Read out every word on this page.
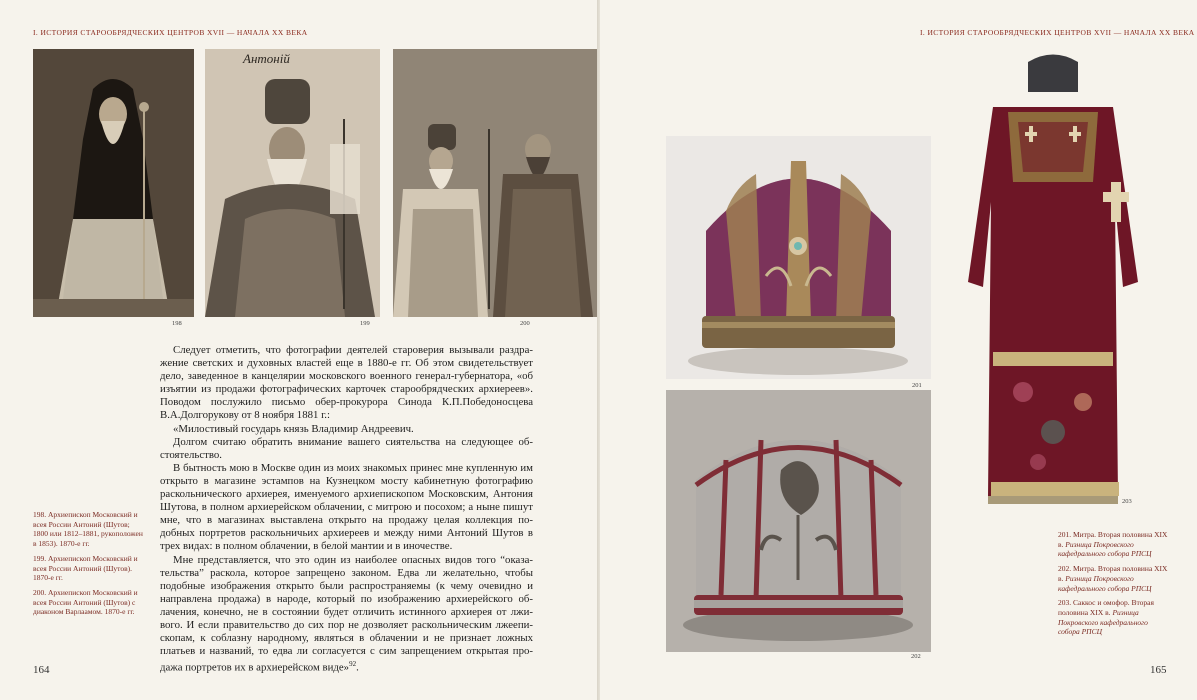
I. ИСТОРИЯ СТАРООБРЯДЧЕСКИХ ЦЕНТРОВ XVII — НАЧАЛА XX ВЕКА
Антоній
198	199	200

Следует отметить, что фотографии деятелей староверия вызывали раздражение светских и духовных властей еще в 1880-е гг. Об этом свидетельствует дело, заведенное в канцелярии московского военного генерал-губернатора, «об изъятии из продажи фотографических карточек старообрядческих архиереев». Поводом послужило письмо обер-прокурора Синода К.П.Победоносцева В.А.Долгорукову от 8 ноября 1881 г.:

«Милостивый государь князь Владимир Андреевич.

Долгом считаю обратить внимание вашего сиятельства на следующее обстоятельство.

В бытность мою в Москве один из моих знакомых принес мне купленную им открыто в магазине эстампов на Кузнецком мосту кабинетную фотографию раскольнического архиерея, именуемого архиепископом Московским, Антония Шутова, в полном архиерейском облачении, с митрою и посохом; а ныне пишут мне, что в магазинах выставлена открыто на продажу целая коллекция подобных портретов раскольничьих архиереев и между ними Антоний Шутов в трех видах: в полном облачении, в белой мантии и в иночестве.

Мне представляется, что это один из наиболее опасных видов того “оказательства” раскола, которое запрещено законом. Едва ли желательно, чтобы подобные изображения открыто были распространяемы (к чему очевидно и направлена продажа) в народе, который по изображению архиерейского облачения, конечно, не в состоянии будет отличить истинного архиерея от лживого. И если правительство до сих пор не дозволяет раскольническим лжеепископам, к соблазну народному, являться в облачении и не признает ложных платьев и названий, то едва ли согласуется с сим запрещением открытая продажа портретов их в архиерейском виде»$^{92}$.

198. Архиепископ Московский и всея России Антоний (Шутов; 1800 или 1812–1881, рукоположен в 1853). 1870-е гг.
199. Архиепископ Московский и всея России Антоний (Шутов). 1870-е гг.
200. Архиепископ Московский и всея России Антоний (Шутов) с диаконом Варлаамом. 1870-е гг.
164
I. ИСТОРИЯ СТАРООБРЯДЧЕСКИХ ЦЕНТРОВ XVII — НАЧАЛА XX ВЕКА
201
202
203
201. Митра. Вторая половина XIX в. Ризница Покровского кафедрального собора РПСЦ
202. Митра. Вторая половина XIX в. Ризница Покровского кафедрального собора РПСЦ
203. Саккос и омофор. Вторая половина XIX в. Ризница Покровского кафедрального собора РПСЦ
165
